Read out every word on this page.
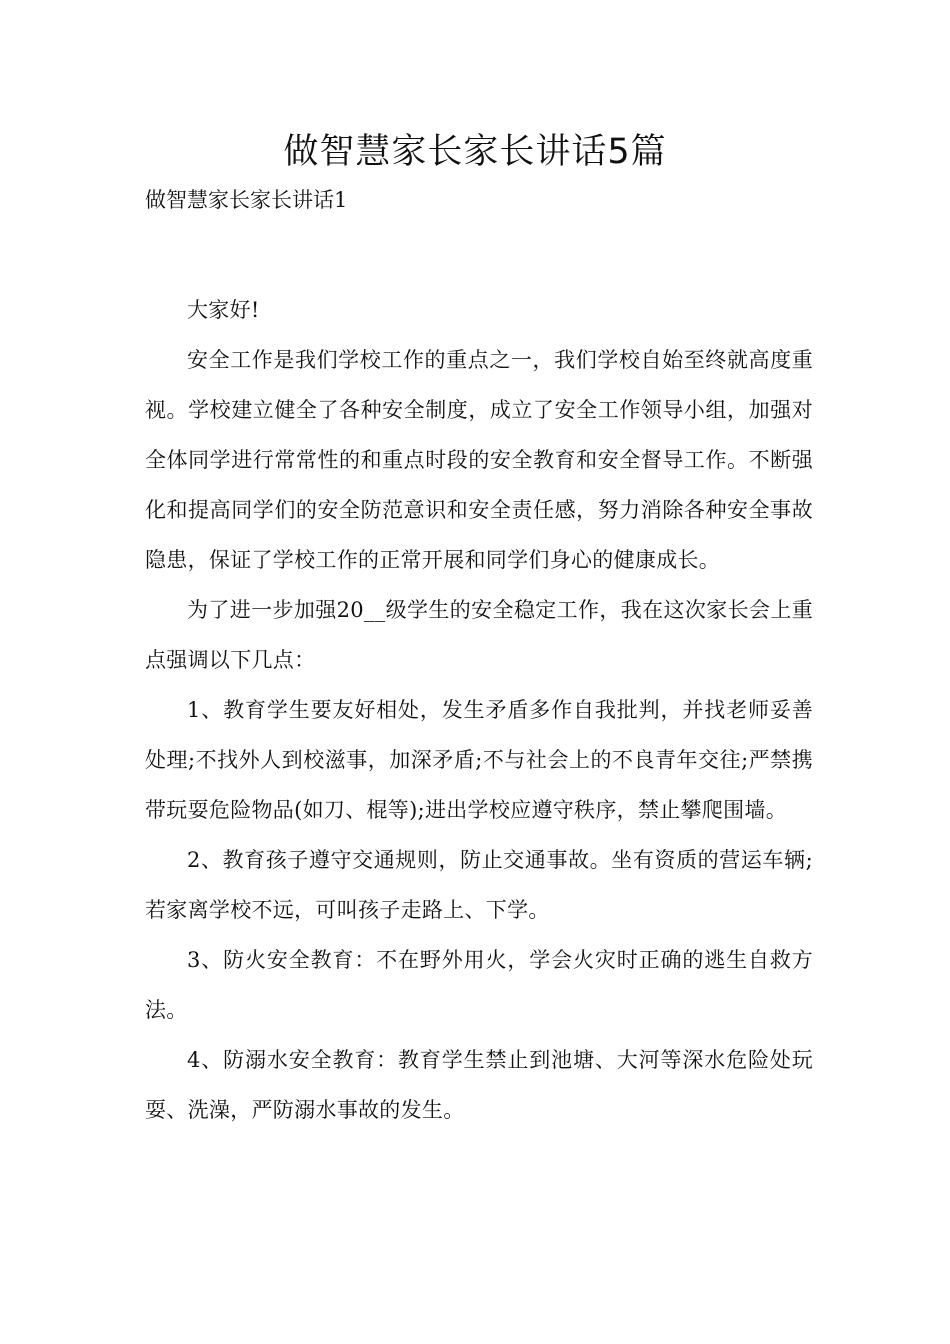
做智慧家长家长讲话5篇
做智慧家长家长讲话1

大家好!

安全工作是我们学校工作的重点之一，我们学校自始至终就高度重视。学校建立健全了各种安全制度，成立了安全工作领导小组，加强对全体同学进行常常性的和重点时段的安全教育和安全督导工作。不断强化和提高同学们的安全防范意识和安全责任感，努力消除各种安全事故隐患，保证了学校工作的正常开展和同学们身心的健康成长。

为了进一步加强20__级学生的安全稳定工作，我在这次家长会上重点强调以下几点：

1、教育学生要友好相处，发生矛盾多作自我批判，并找老师妥善处理;不找外人到校滋事，加深矛盾;不与社会上的不良青年交往;严禁携带玩耍危险物品(如刀、棍等);进出学校应遵守秩序，禁止攀爬围墙。

2、教育孩子遵守交通规则，防止交通事故。坐有资质的营运车辆;若家离学校不远，可叫孩子走路上、下学。

3、防火安全教育：不在野外用火，学会火灾时正确的逃生自救方法。

4、防溺水安全教育：教育学生禁止到池塘、大河等深水危险处玩耍、洗澡，严防溺水事故的发生。
